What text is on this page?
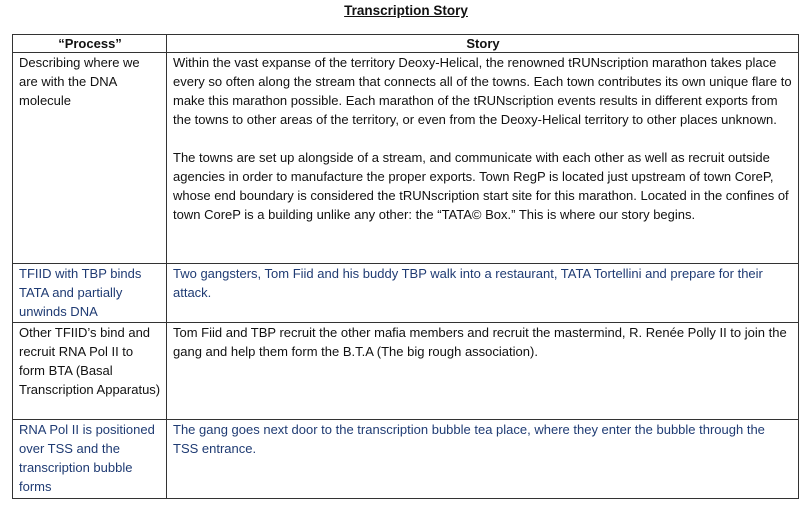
Transcription Story
“Process”	Story
Describing where we are with the DNA molecule	Within the vast expanse of the territory Deoxy-Helical, the renowned tRUNscription marathon takes place every so often along the stream that connects all of the towns. Each town contributes its own unique flare to make this marathon possible. Each marathon of the tRUNscription events results in different exports from the towns to other areas of the territory, or even from the Deoxy-Helical territory to other places unknown.

The towns are set up alongside of a stream, and communicate with each other as well as recruit outside agencies in order to manufacture the proper exports. Town RegP is located just upstream of town CoreP, whose end boundary is considered the tRUNscription start site for this marathon. Located in the confines of town CoreP is a building unlike any other: the “TATA© Box.” This is where our story begins.

TFIID with TBP binds TATA and partially unwinds DNA	Two gangsters, Tom Fiid and his buddy TBP walk into a restaurant, TATA Tortellini and prepare for their attack.

Other TFIID’s bind and recruit RNA Pol II to form BTA (Basal Transcription Apparatus)	Tom Fiid and TBP recruit the other mafia members and recruit the mastermind, R. Renée Polly II to join the gang and help them form the B.T.A (The big rough association).

RNA Pol II is positioned over TSS and the transcription bubble forms	The gang goes next door to the transcription bubble tea place, where they enter the bubble through the TSS entrance.
